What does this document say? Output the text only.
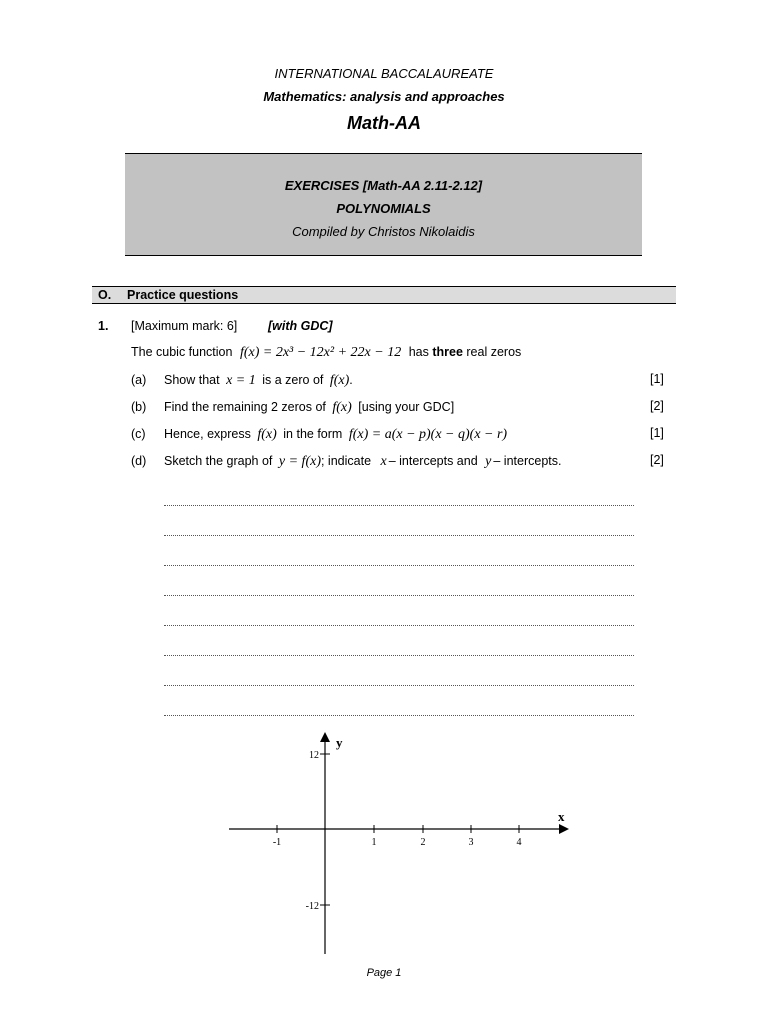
INTERNATIONAL BACCALAUREATE
Mathematics: analysis and approaches
Math-AA
EXERCISES [Math-AA 2.11-2.12]
POLYNOMIALS
Compiled by Christos Nikolaidis
O. Practice questions
1. [Maximum mark: 6] [with GDC]
The cubic function f(x) = 2x³ − 12x² + 22x − 12 has three real zeros
(a) Show that x = 1 is a zero of f(x).	[1]
(b) Find the remaining 2 zeros of f(x) [using your GDC]	[2]
(c) Hence, express f(x) in the form f(x) = a(x − p)(x − q)(x − r)	[1]
(d) Sketch the graph of y = f(x); indicate x – intercepts and y – intercepts.	[2]
-1	1	2	3	4
12
-12
x
y
Page 1
